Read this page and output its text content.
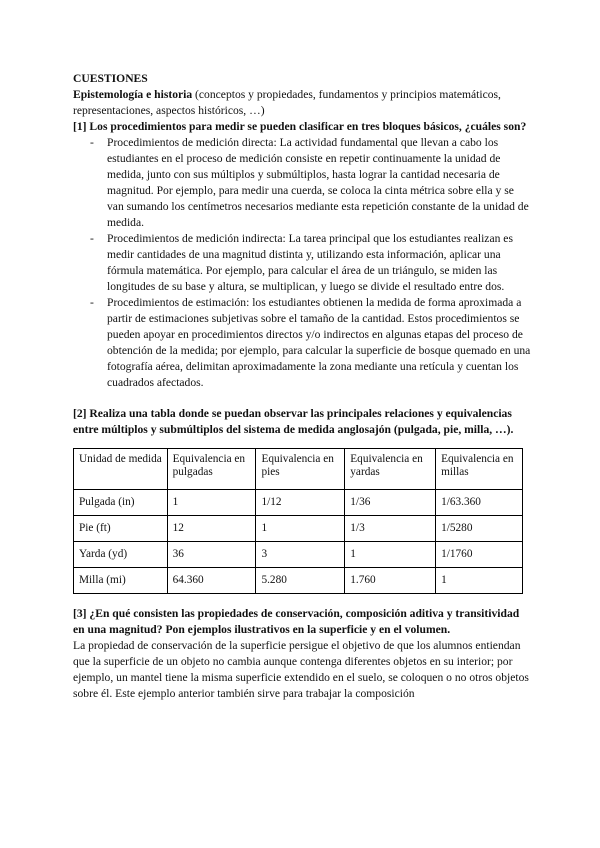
CUESTIONES
Epistemología e historia (conceptos y propiedades, fundamentos y principios matemáticos, representaciones, aspectos históricos, …)
[1] Los procedimientos para medir se pueden clasificar en tres bloques básicos, ¿cuáles son?
- Procedimientos de medición directa: La actividad fundamental que llevan a cabo los estudiantes en el proceso de medición consiste en repetir continuamente la unidad de medida, junto con sus múltiplos y submúltiplos, hasta lograr la cantidad necesaria de magnitud. Por ejemplo, para medir una cuerda, se coloca la cinta métrica sobre ella y se van sumando los centímetros necesarios mediante esta repetición constante de la unidad de medida.
- Procedimientos de medición indirecta: La tarea principal que los estudiantes realizan es medir cantidades de una magnitud distinta y, utilizando esta información, aplicar una fórmula matemática. Por ejemplo, para calcular el área de un triángulo, se miden las longitudes de su base y altura, se multiplican, y luego se divide el resultado entre dos.
- Procedimientos de estimación: los estudiantes obtienen la medida de forma aproximada a partir de estimaciones subjetivas sobre el tamaño de la cantidad. Estos procedimientos se pueden apoyar en procedimientos directos y/o indirectos en algunas etapas del proceso de obtención de la medida; por ejemplo, para calcular la superficie de bosque quemado en una fotografía aérea, delimitan aproximadamente la zona mediante una retícula y cuentan los cuadrados afectados.
[2] Realiza una tabla donde se puedan observar las principales relaciones y equivalencias entre múltiplos y submúltiplos del sistema de medida anglosajón (pulgada, pie, milla, …).
Unidad de medida	Equivalencia en pulgadas	Equivalencia en pies	Equivalencia en yardas	Equivalencia en millas
Pulgada (in)	1	1/12	1/36	1/63.360
Pie (ft)	12	1	1/3	1/5280
Yarda (yd)	36	3	1	1/1760
Milla (mi)	64.360	5.280	1.760	1
[3] ¿En qué consisten las propiedades de conservación, composición aditiva y transitividad en una magnitud? Pon ejemplos ilustrativos en la superficie y en el volumen.
La propiedad de conservación de la superficie persigue el objetivo de que los alumnos entiendan que la superficie de un objeto no cambia aunque contenga diferentes objetos en su interior; por ejemplo, un mantel tiene la misma superficie extendido en el suelo, se coloquen o no otros objetos sobre él. Este ejemplo anterior también sirve para trabajar la composición
